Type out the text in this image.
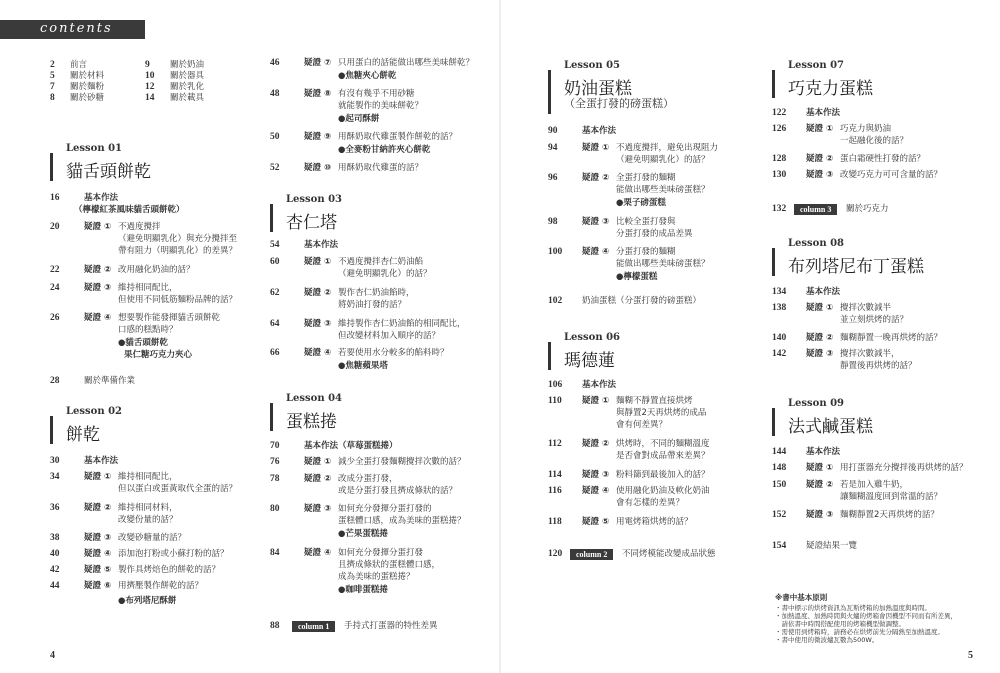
contents
2	前言
5	關於材料
7	關於麵粉
8	關於砂糖
9	關於奶油
10	關於器具
12	關於乳化
14	關於載具
Lesson 01
貓舌頭餅乾
16	基本作法
（檸檬紅茶風味貓舌頭餅乾）
20	疑證 ① 不過度攪拌
（避免明顯乳化）與充分攪拌至
帶有阻力（明顯乳化）的差異？
22	疑證 ② 改用融化奶油的話？
24	疑證 ③ 維持相同配比，
但使用不同低筋麵粉品牌的話？
26	疑證 ④ 想要製作能發揮貓舌頭餅乾
口感的糕點時？
●貓舌頭餅乾
果仁糖巧克力夾心
28	關於準備作業
Lesson 02
餅乾
30	基本作法
34	疑證 ① 維持相同配比，
但以蛋白或蛋黃取代全蛋的話？
36	疑證 ② 維持相同材料，
改變份量的話？
38	疑證 ③ 改變砂糖量的話？
40	疑證 ④ 添加泡打粉或小蘇打粉的話？
42	疑證 ⑤ 製作具烤焙色的餅乾的話？
44	疑證 ⑥ 用擠壓製作餅乾的話？
●布列塔尼酥餅
46	疑證 ⑦ 只用蛋白的話能做出哪些美味餅乾？
●焦糖夾心餅乾
48	疑證 ⑧ 有沒有幾乎不用砂糖
就能製作的美味餅乾？
●起司酥餅
50	疑證 ⑨ 用酥奶取代雞蛋製作餅乾的話？
●全麥粉甘納許夾心餅乾
52	疑證 ⑩ 用酥奶取代雞蛋的話？
Lesson 03
杏仁塔
54	基本作法
60	疑證 ① 不過度攪拌杏仁奶油餡
（避免明顯乳化）的話？
62	疑證 ② 製作杏仁奶油餡時，
將奶油打發的話？
64	疑證 ③ 維持製作杏仁奶油餡的相同配比，
但改變材料加入順序的話？
66	疑證 ④ 若要使用水分較多的餡料時？
●焦糖蘋果塔
Lesson 04
蛋糕捲
70	基本作法（草莓蛋糕捲）
76	疑證 ① 減少全蛋打發麵糊攪拌次數的話？
78	疑證 ② 改成分蛋打發，
或是分蛋打發且擠成條狀的話？
80	疑證 ③ 如何充分發揮分蛋打發的
蛋糕體口感，成為美味的蛋糕捲？
●芒果蛋糕捲
84	疑證 ④ 如何充分發揮分蛋打發
且擠成條狀的蛋糕體口感，
成為美味的蛋糕捲？
●咖啡蛋糕捲
88	column 1	手持式打蛋器的特性差異
4
Lesson 05
奶油蛋糕
（全蛋打發的磅蛋糕）
90	基本作法
94	疑證 ① 不過度攪拌，避免出現阻力
（避免明顯乳化）的話？
96	疑證 ② 全蛋打發的麵糊
能做出哪些美味磅蛋糕？
●栗子磅蛋糕
98	疑證 ③ 比較全蛋打發與
分蛋打發的成品差異
100	疑證 ④ 分蛋打發的麵糊
能做出哪些美味磅蛋糕？
●檸檬蛋糕
102	奶油蛋糕（分蛋打發的磅蛋糕）
Lesson 06
瑪德蓮
106	基本作法
110	疑證 ① 麵糊不靜置直接烘烤
與靜置2天再烘烤的成品
會有何差異？
112	疑證 ② 烘烤時，不同的麵糊溫度
是否會對成品帶來差異？
114	疑證 ③ 粉料篩到最後加入的話？
116	疑證 ④ 使用融化奶油及軟化奶油
會有怎樣的差異？
118	疑證 ⑤ 用電烤箱烘烤的話？
120	column 2	不同烤模能改變成品狀態
Lesson 07
巧克力蛋糕
122	基本作法
126	疑證 ① 巧克力與奶油
一起融化後的話？
128	疑證 ② 蛋白霜硬性打發的話？
130	疑證 ③ 改變巧克力可可含量的話？
132	column 3	關於巧克力
Lesson 08
布列塔尼布丁蛋糕
134	基本作法
138	疑證 ① 攪拌次數減半
並立刻烘烤的話？
140	疑證 ② 麵糊靜置一晚再烘烤的話？
142	疑證 ③ 攪拌次數減半，
靜置後再烘烤的話？
Lesson 09
法式鹹蛋糕
144	基本作法
148	疑證 ① 用打蛋器充分攪拌後再烘烤的話？
150	疑證 ② 若是加入雞牛奶，
讓麵糊溫度回到常溫的話？
152	疑證 ③ 麵糊靜置2天再烘烤的話？
154	疑證結果一覽
5
※書中基本原則
・書中標示的烘烤資訊為瓦斯烤箱的加熱溫度與時間。
・加熱溫度、加熱時間與火爐的烤箱會因機型不同而有所差異，
　請依書中時間搭配使用的烤箱機型做調整。
・需使用到烤箱時，請務必在烘烤前先分隔熱至加熱溫度。
・書中使用的微波爐瓦數為500W。
